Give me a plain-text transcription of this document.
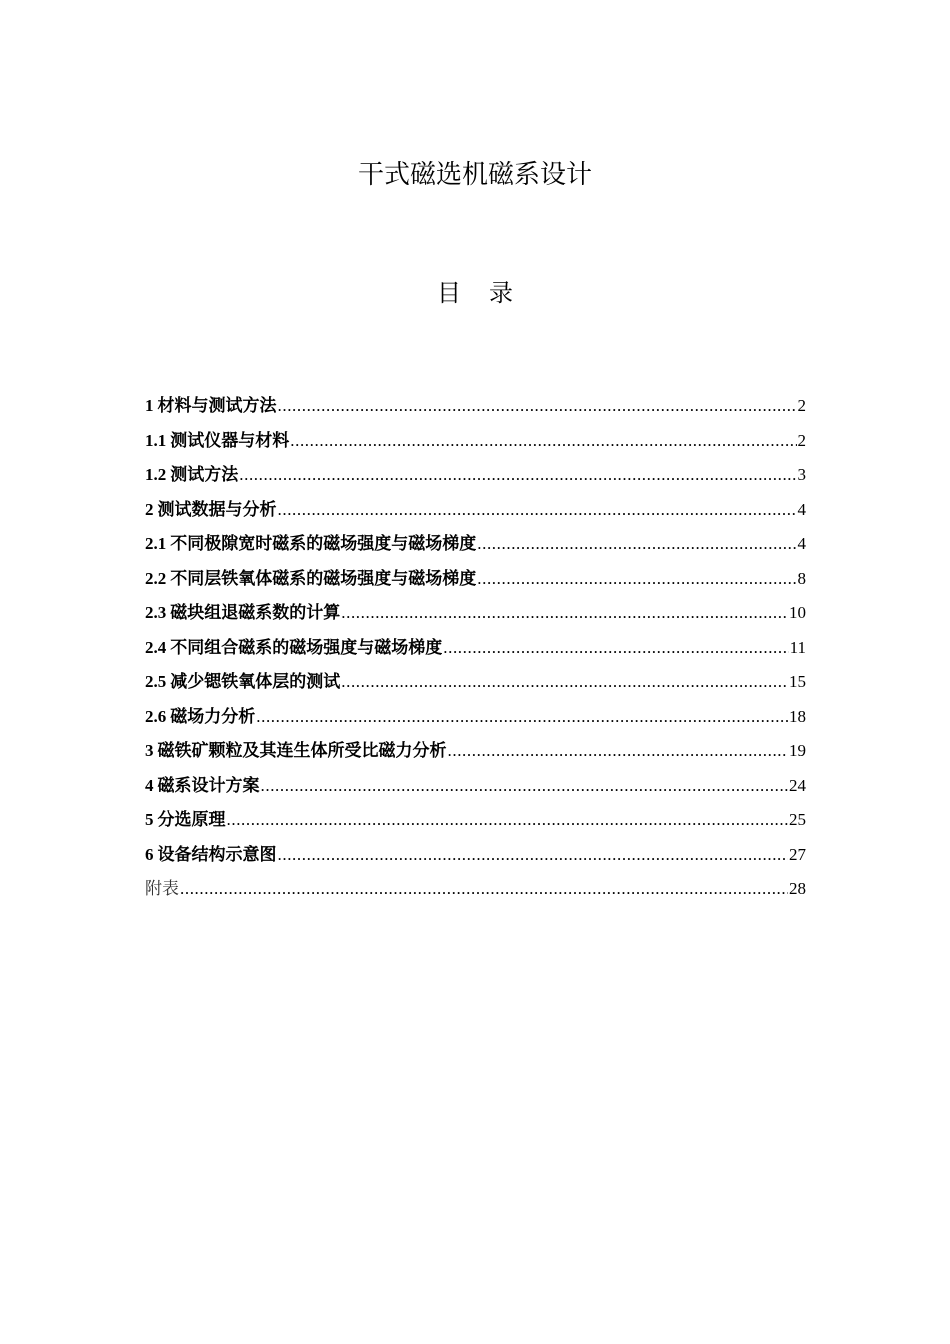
干式磁选机磁系设计
目录
1 材料与测试方法 .....	2
1.1 测试仪器与材料 .....	2
1.2 测试方法 .....	3
2 测试数据与分析 .....	4
2.1 不同极隙宽时磁系的磁场强度与磁场梯度 .....	4
2.2 不同层铁氧体磁系的磁场强度与磁场梯度 .....	8
2.3 磁块组退磁系数的计算 .....	10
2.4 不同组合磁系的磁场强度与磁场梯度 .....	11
2.5 减少锶铁氧体层的测试 .....	15
2.6 磁场力分析 .....	18
3 磁铁矿颗粒及其连生体所受比磁力分析 .....	19
4 磁系设计方案 .....	24
5 分选原理 .....	25
6 设备结构示意图 .....	27
附表 .....	28
